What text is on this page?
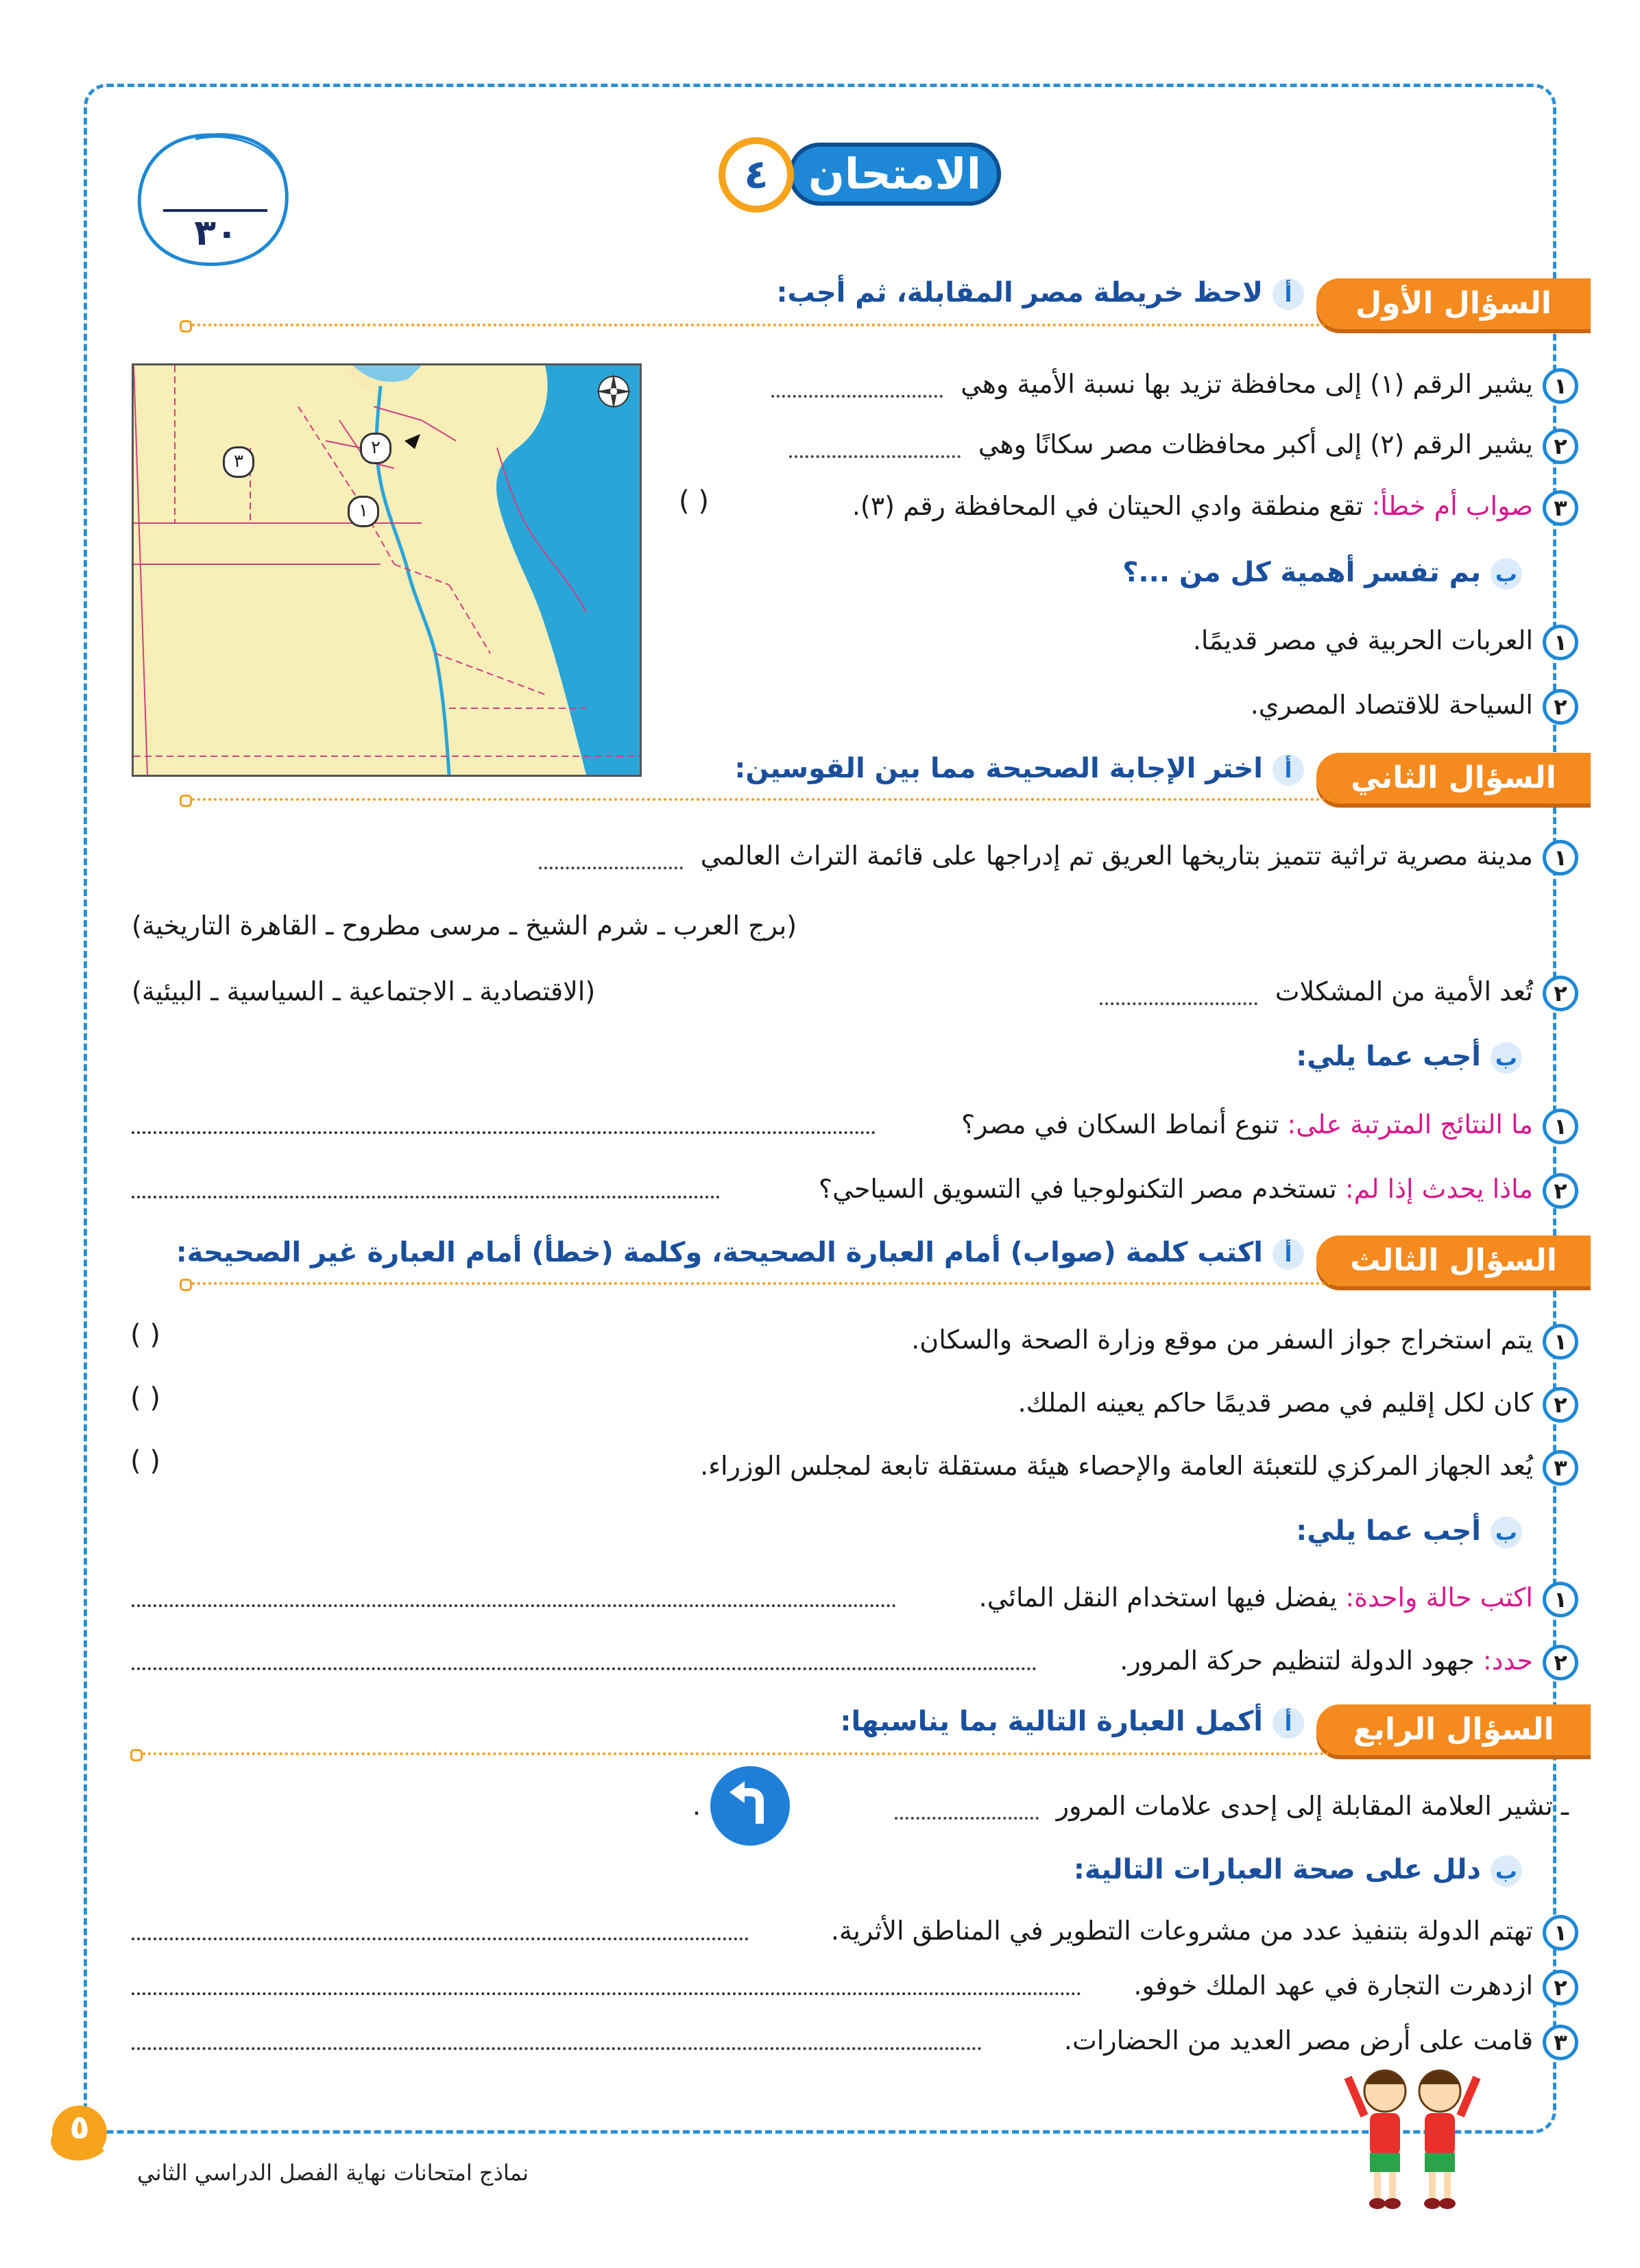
٣٠
الامتحان
٤
السؤال الأول
ألاحظ خريطة مصر المقابلة، ثم أجب:
٣
٢
١
١يشير الرقم (١) إلى محافظة تزيد بها نسبة الأمية وهي
٢يشير الرقم (٢) إلى أكبر محافظات مصر سكانًا وهي
٣صواب أم خطأ: تقع منطقة وادي الحيتان في المحافظة رقم (٣).
( )
ببم تفسر أهمية كل من ...؟
١العربات الحربية في مصر قديمًا.
٢السياحة للاقتصاد المصري.
السؤال الثاني
أاختر الإجابة الصحيحة مما بين القوسين:
١مدينة مصرية تراثية تتميز بتاريخها العريق تم إدراجها على قائمة التراث العالمي
(برج العرب ـ شرم الشيخ ـ مرسى مطروح ـ القاهرة التاريخية)
٢تُعد الأمية من المشكلات
(الاقتصادية ـ الاجتماعية ـ السياسية ـ البيئية)
بأجب عما يلي:
١ما النتائج المترتبة على: تنوع أنماط السكان في مصر؟
٢ماذا يحدث إذا لم: تستخدم مصر التكنولوجيا في التسويق السياحي؟
السؤال الثالث
أاكتب كلمة (صواب) أمام العبارة الصحيحة، وكلمة (خطأ) أمام العبارة غير الصحيحة:
١يتم استخراج جواز السفر من موقع وزارة الصحة والسكان.
( )
٢كان لكل إقليم في مصر قديمًا حاكم يعينه الملك.
( )
٣يُعد الجهاز المركزي للتعبئة العامة والإحصاء هيئة مستقلة تابعة لمجلس الوزراء.
( )
بأجب عما يلي:
١اكتب حالة واحدة: يفضل فيها استخدام النقل المائي.
٢حدد: جهود الدولة لتنظيم حركة المرور.
السؤال الرابع
أأكمل العبارة التالية بما يناسبها:
ـ تشير العلامة المقابلة إلى إحدى علامات المرور
.
بدلل على صحة العبارات التالية:
١تهتم الدولة بتنفيذ عدد من مشروعات التطوير في المناطق الأثرية.
٢ازدهرت التجارة في عهد الملك خوفو.
٣قامت على أرض مصر العديد من الحضارات.
٥
نماذج امتحانات نهاية الفصل الدراسي الثاني
